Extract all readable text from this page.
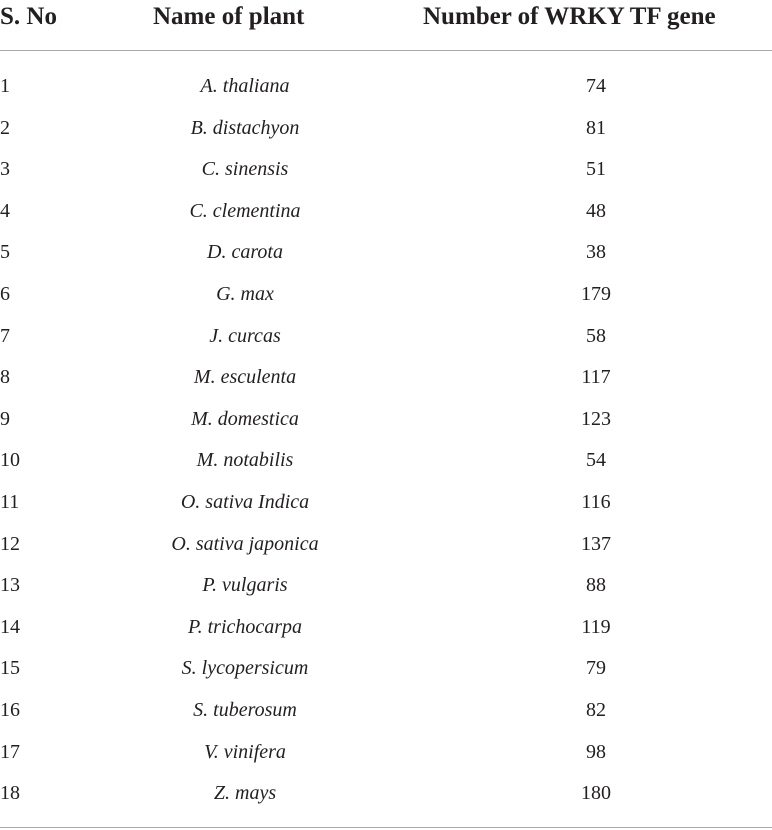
S. No	Name of plant	Number of WRKY TF gene
1	A. thaliana	74
2	B. distachyon	81
3	C. sinensis	51
4	C. clementina	48
5	D. carota	38
6	G. max	179
7	J. curcas	58
8	M. esculenta	117
9	M. domestica	123
10	M. notabilis	54
11	O. sativa Indica	116
12	O. sativa japonica	137
13	P. vulgaris	88
14	P. trichocarpa	119
15	S. lycopersicum	79
16	S. tuberosum	82
17	V. vinifera	98
18	Z. mays	180
